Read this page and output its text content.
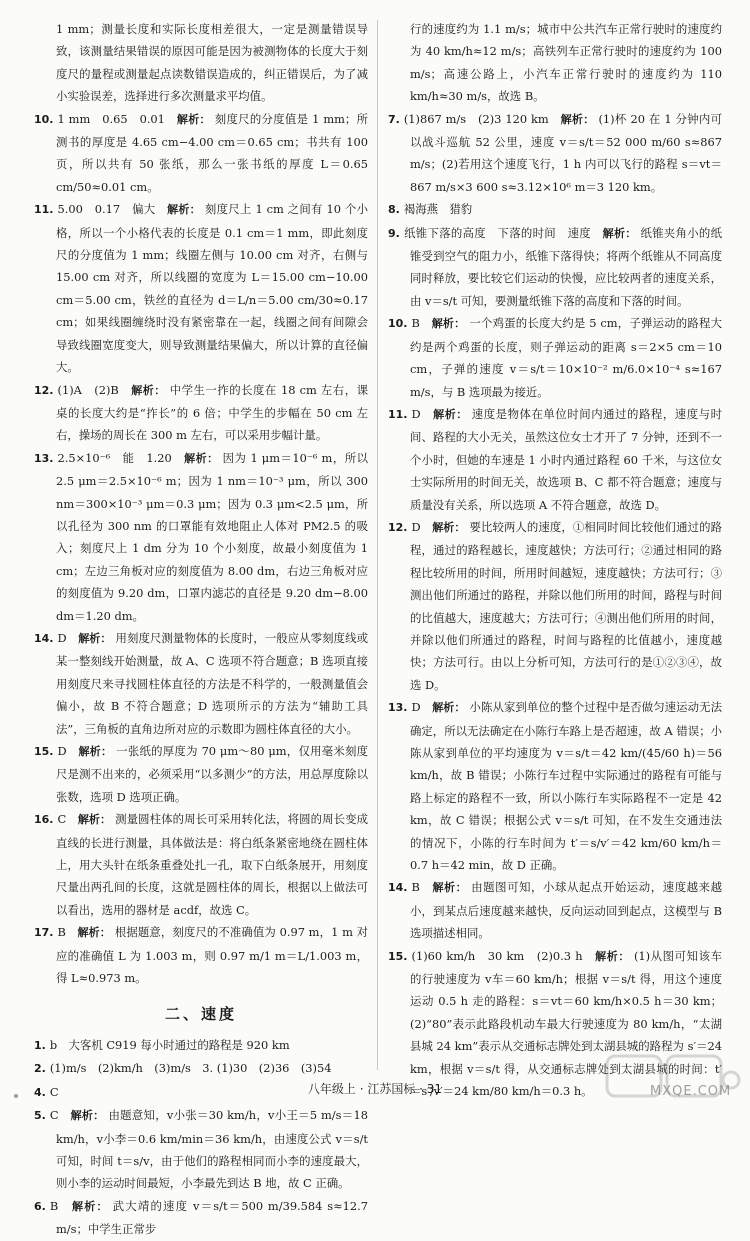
1 mm；测量长度和实际长度相差很大，一定是测量错误导致，该测量结果错误的原因可能是因为被测物体的长度大于刻度尺的量程或测量起点读数错误造成的，纠正错误后，为了减小实验误差，选择进行多次测量求平均值。

10. 1 mm　0.65　0.01　 解析： 刻度尺的分度值是 1 mm；所测书的厚度是 4.65 cm−4.00 cm＝0.65 cm；书共有 100 页，所以共有 50 张纸，那么一张书纸的厚度 L＝0.65 cm/50≈0.01 cm。

11. 5.00　0.17　偏大　 解析： 刻度尺上 1 cm 之间有 10 个小格，所以一个小格代表的长度是 0.1 cm＝1 mm，即此刻度尺的分度值为 1 mm；线圈左侧与 10.00 cm 对齐，右侧与 15.00 cm 对齐，所以线圈的宽度为 L＝15.00 cm−10.00 cm＝5.00 cm，铁丝的直径为 d＝L/n＝5.00 cm/30≈0.17 cm；如果线圈缠绕时没有紧密靠在一起，线圈之间有间隙会导致线圈宽度变大，则导致测量结果偏大，所以计算的直径偏大。

12. (1)A　(2)B　 解析： 中学生一拃的长度在 18 cm 左右，课桌的长度大约是“拃长”的 6 倍；中学生的步幅在 50 cm 左右，操场的周长在 300 m 左右，可以采用步幅计量。

13. 2.5×10⁻⁶　能　1.20　 解析： 因为 1 μm＝10⁻⁶ m，所以 2.5 μm＝2.5×10⁻⁶ m；因为 1 nm＝10⁻³ μm，所以 300 nm＝300×10⁻³ μm＝0.3 μm；因为 0.3 μm<2.5 μm，所以孔径为 300 nm 的口罩能有效地阻止人体对 PM2.5 的吸入；刻度尺上 1 dm 分为 10 个小刻度，故最小刻度值为 1 cm；左边三角板对应的刻度值为 8.00 dm，右边三角板对应的刻度值为 9.20 dm，口罩内滤芯的直径是 9.20 dm−8.00 dm＝1.20 dm。

14. D　 解析： 用刻度尺测量物体的长度时，一般应从零刻度线或某一整刻线开始测量，故 A、C 选项不符合题意；B 选项直接用刻度尺来寻找圆柱体直径的方法是不科学的，一般测量值会偏小，故 B 不符合题意；D 选项所示的方法为“辅助工具法”，三角板的直角边所对应的示数即为圆柱体直径的大小。

15. D　 解析： 一张纸的厚度为 70 μm～80 μm，仅用毫米刻度尺是测不出来的，必须采用“以多测少”的方法，用总厚度除以张数，选项 D 选项正确。

16. C　 解析： 测量圆柱体的周长可采用转化法，将圆的周长变成直线的长进行测量，具体做法是：将白纸条紧密地绕在圆柱体上，用大头针在纸条重叠处扎一孔，取下白纸条展开，用刻度尺量出两孔间的长度，这就是圆柱体的周长，根据以上做法可以看出，选用的器材是 acdf，故选 C。

17. B　 解析： 根据题意，刻度尺的不准确值为 0.97 m，1 m 对应的准确值 L 为 1.003 m，则 0.97 m/1 m＝L/1.003 m，得 L≈0.973 m。

二、速度

1. b　 大客机 C919 每小时通过的路程是 920 km

2. (1)m/s　(2)km/h　(3)m/s　 3. (1)30　(2)36　(3)54

4. C　

5. C　 解析： 由题意知，v小张＝30 km/h，v小王＝5 m/s＝18 km/h，v小李＝0.6 km/min＝36 km/h，由速度公式 v＝s/t 可知，时间 t＝s/v，由于他们的路程相同而小李的速度最大，则小李的运动时间最短，小李最先到达 B 地，故 C 正确。

6. B　 解析： 武大靖的速度 v＝s/t＝500 m/39.584 s≈12.7 m/s；中学生正常步

行的速度约为 1.1 m/s；城市中公共汽车正常行驶时的速度约为 40 km/h≈12 m/s；高铁列车正常行驶时的速度约为 100 m/s；高速公路上，小汽车正常行驶时的速度约为 110 km/h≈30 m/s，故选 B。

7. (1)867 m/s　(2)3 120 km　 解析： (1)杯 20 在 1 分钟内可以战斗巡航 52 公里，速度 v＝s/t＝52 000 m/60 s≈867 m/s；(2)若用这个速度飞行，1 h 内可以飞行的路程 s＝vt＝867 m/s×3 600 s≈3.12×10⁶ m＝3 120 km。

8. 褐海燕　猎豹　

9. 纸锥下落的高度　下落的时间　速度　 解析： 纸锥夹角小的纸锥受到空气的阻力小，纸锥下落得快；将两个纸锥从不同高度同时释放，要比较它们运动的快慢，应比较两者的速度关系，由 v＝s/t 可知，要测量纸锥下落的高度和下落的时间。

10. B　 解析： 一个鸡蛋的长度大约是 5 cm，子弹运动的路程大约是两个鸡蛋的长度，则子弹运动的距离 s＝2×5 cm＝10 cm，子弹的速度 v＝s/t＝10×10⁻² m/6.0×10⁻⁴ s≈167 m/s，与 B 选项最为接近。

11. D　 解析： 速度是物体在单位时间内通过的路程，速度与时间、路程的大小无关，虽然这位女士才开了 7 分钟，还到不一个小时，但她的车速是 1 小时内通过路程 60 千米，与这位女士实际所用的时间无关，故选项 B、C 都不符合题意；速度与质量没有关系，所以选项 A 不符合题意，故选 D。

12. D　 解析： 要比较两人的速度，①相同时间比较他们通过的路程，通过的路程越长，速度越快；方法可行；②通过相同的路程比较所用的时间，所用时间越短，速度越快；方法可行；③测出他们所通过的路程，并除以他们所用的时间，路程与时间的比值越大，速度越大；方法可行；④测出他们所用的时间，并除以他们所通过的路程，时间与路程的比值越小，速度越快；方法可行。由以上分析可知，方法可行的是①②③④，故选 D。

13. D　 解析： 小陈从家到单位的整个过程中是否做匀速运动无法确定，所以无法确定在小陈行车路上是否超速，故 A 错误；小陈从家到单位的平均速度为 v＝s/t＝42 km/(45/60 h)＝56 km/h，故 B 错误；小陈行车过程中实际通过的路程有可能与路上标定的路程不一致，所以小陈行车实际路程不一定是 42 km，故 C 错误；根据公式 v＝s/t 可知，在不发生交通违法的情况下，小陈的行车时间为 t′＝s/v′＝42 km/60 km/h＝0.7 h＝42 min，故 D 正确。

14. B　 解析： 由题图可知，小球从起点开始运动，速度越来越小，到某点后速度越来越快，反向运动回到起点，这模型与 B 选项描述相同。

15. (1)60 km/h　30 km　(2)0.3 h　 解析： (1)从图可知该车的行驶速度为 v车＝60 km/h；根据 v＝s/t 得，用这个速度运动 0.5 h 走的路程：s＝vt＝60 km/h×0.5 h＝30 km；(2)“80”表示此路段机动车最大行驶速度为 80 km/h，“太湖县城 24 km”表示从交通标志牌处到太湖县城的路程为 s′＝24 km，根据 v＝s/t 得，从交通标志牌处到太湖县城的时间：t′＝s′/v′＝24 km/80 km/h＝0.3 h。

八年级上 · 江苏国标 · 31	MXQE.COM
